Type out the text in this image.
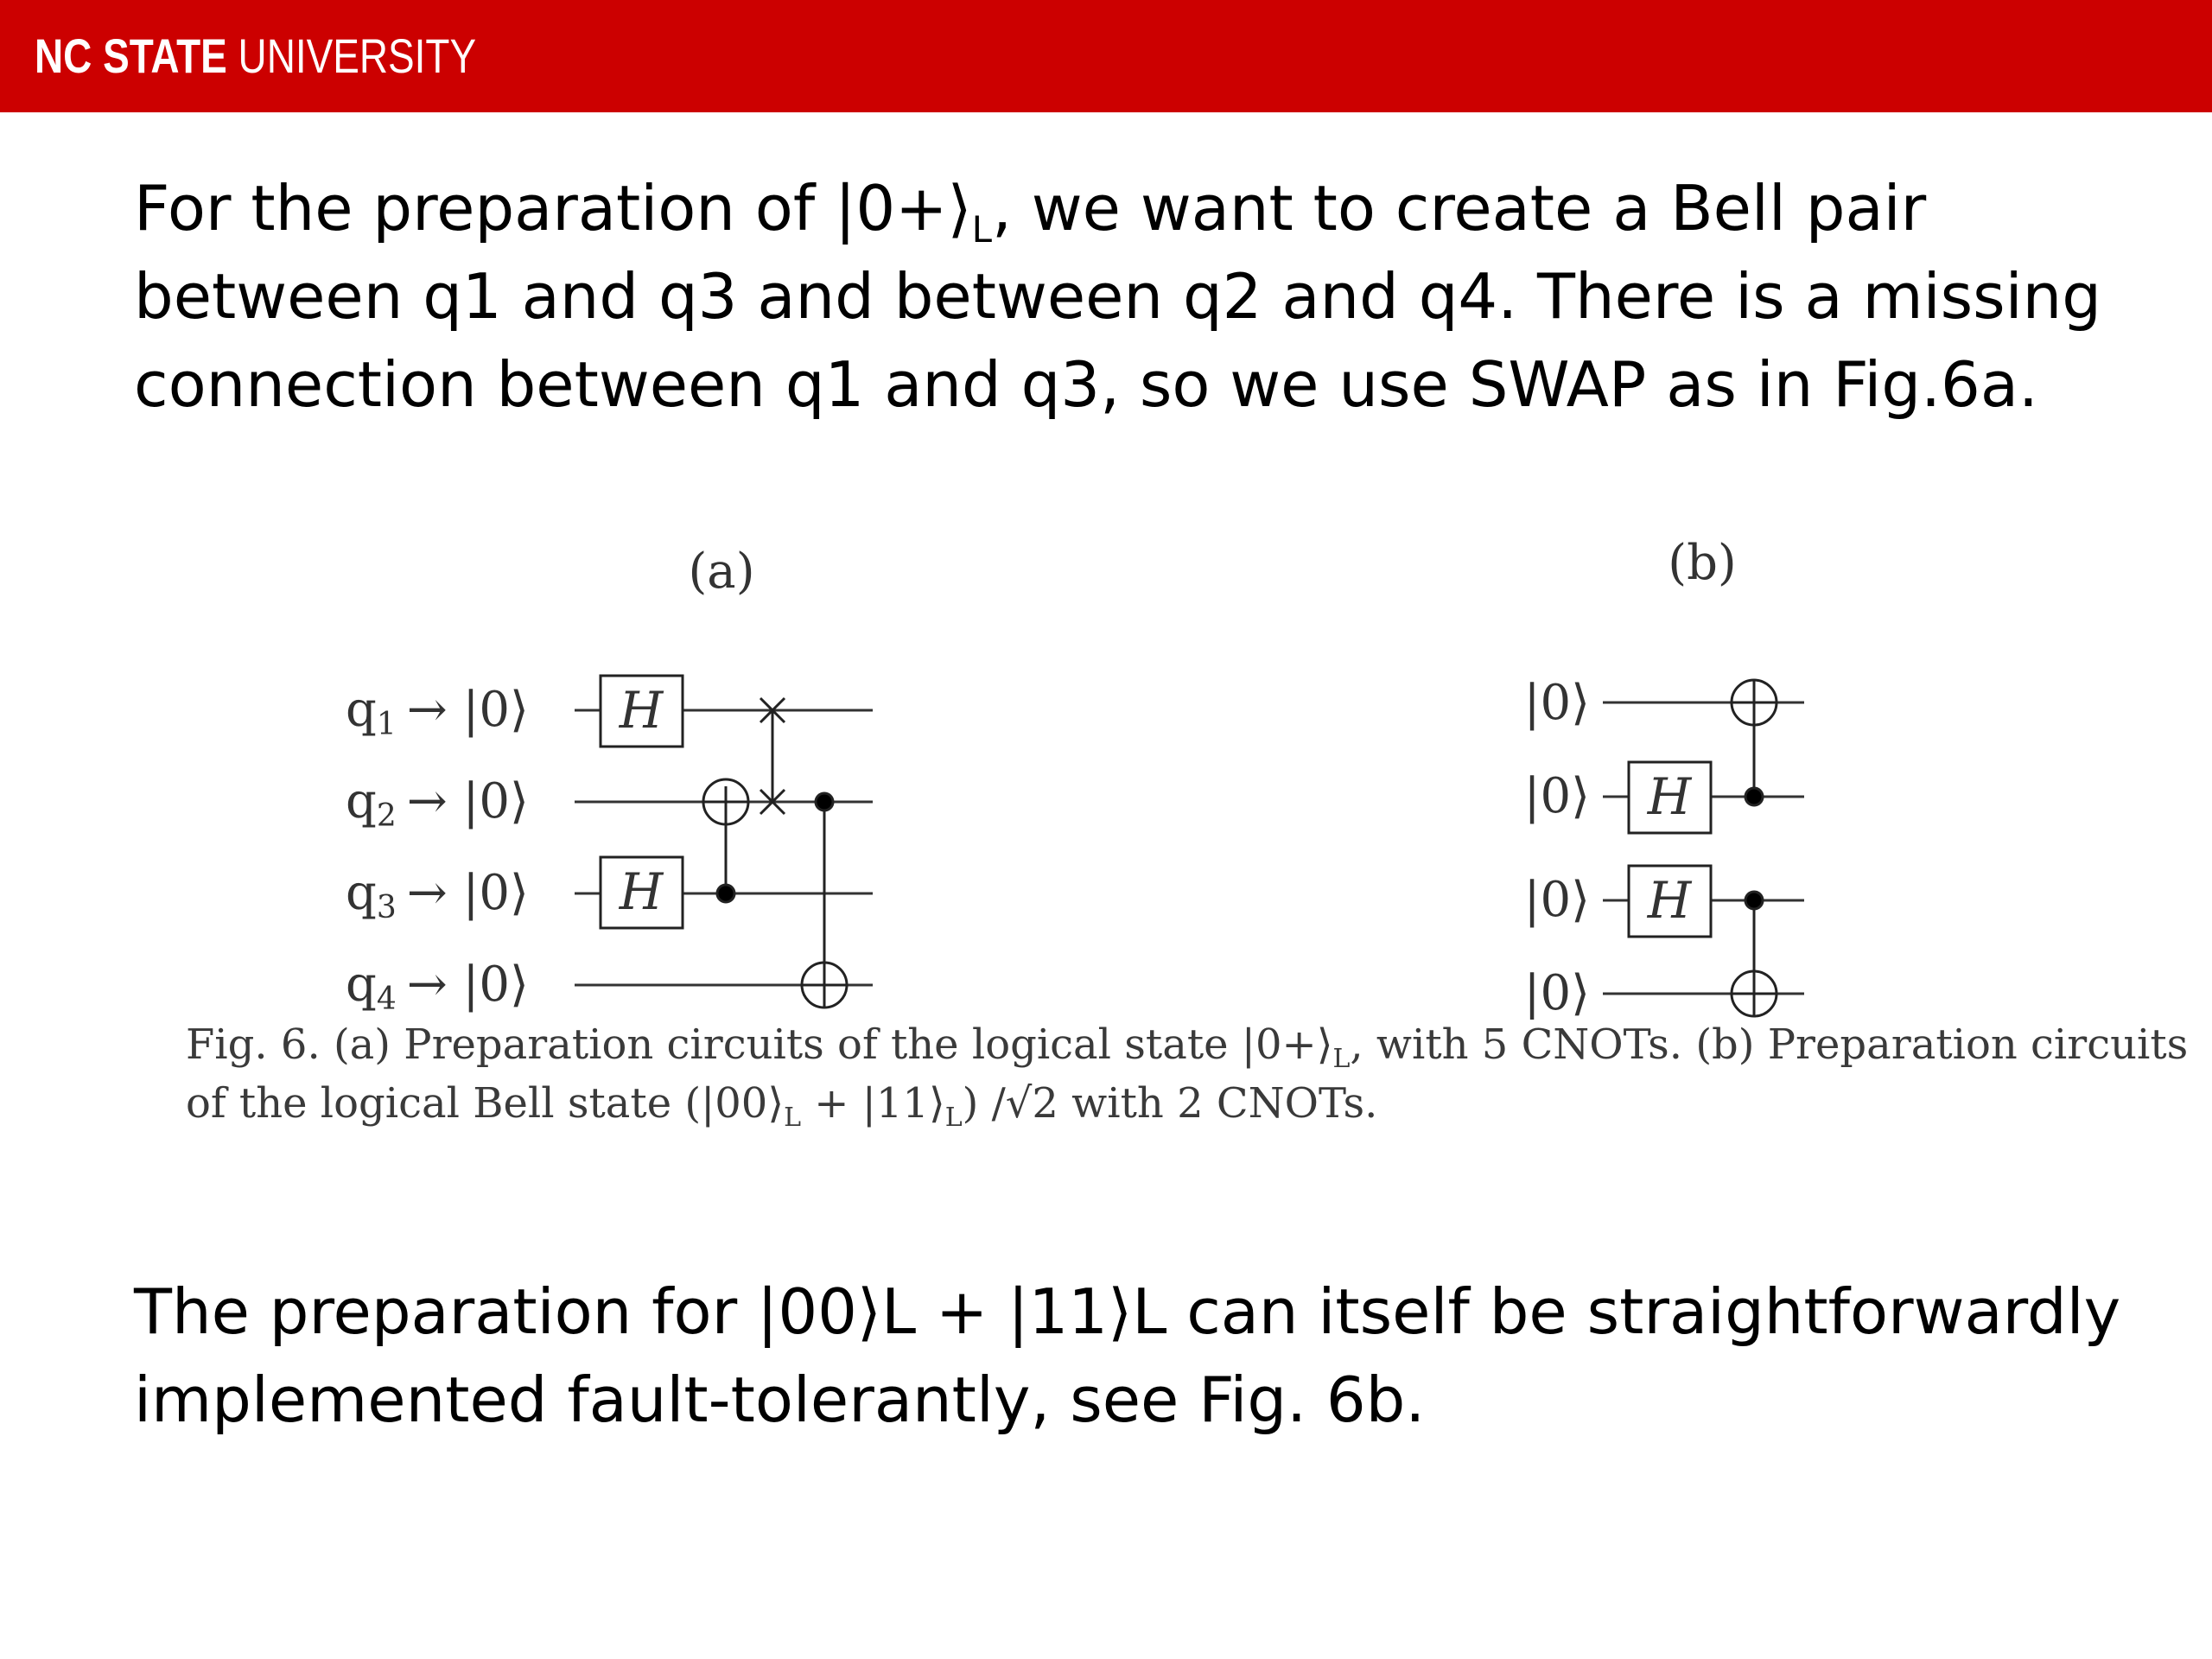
NC STATE UNIVERSITY
For the preparation of $|0+⟩_L$, we want to create a Bell pair
between q1 and q3 and between q2 and q4. There is a missing
connection between q1 and q3, so we use SWAP as in Fig.6a.
(a)	(b)
q1 → |0⟩
q2 → |0⟩
q3 → |0⟩
q4 → |0⟩
H
H
H
H
|0⟩
|0⟩
|0⟩
|0⟩
Fig. 6. (a) Preparation circuits of the logical state $|0+⟩_L$, with 5 CNOTs. (b) Preparation circuits
of the logical Bell state ($|00⟩_L$ + $|11⟩_L$) /√2 with 2 CNOTs.
The preparation for |00⟩L + |11⟩L can itself be straightforwardly
implemented fault-tolerantly, see Fig. 6b.
